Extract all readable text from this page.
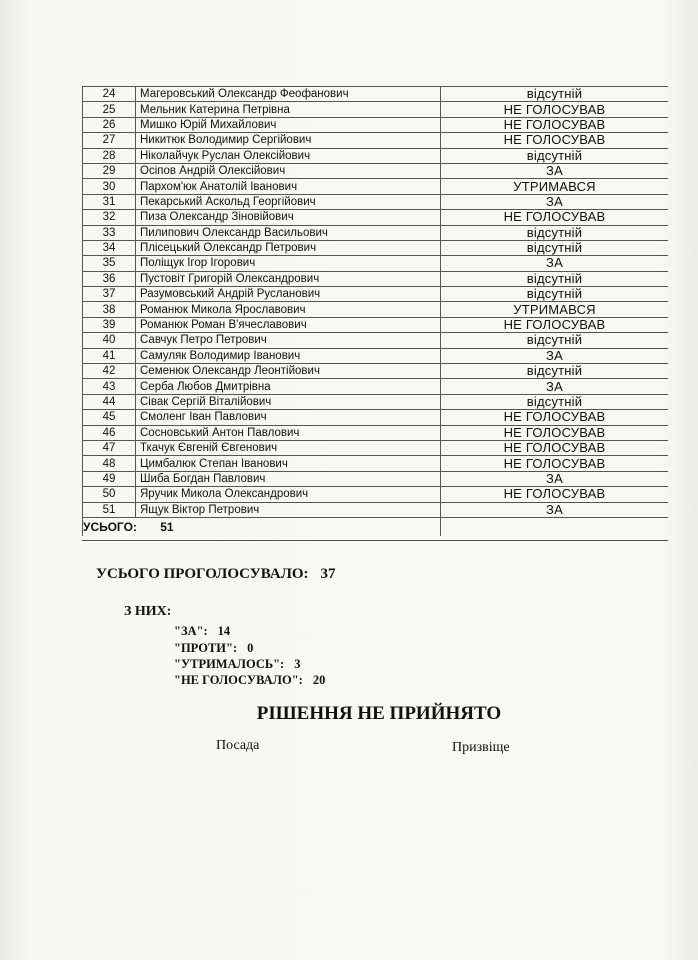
24	Магеровський Олександр Феофанович	відсутній
25	Мельник Катерина Петрівна	НЕ ГОЛОСУВАВ
26	Мишко Юрій Михайлович	НЕ ГОЛОСУВАВ
27	Никитюк Володимир Сергійович	НЕ ГОЛОСУВАВ
28	Ніколайчук Руслан Олексійович	відсутній
29	Осіпов Андрій Олексійович	ЗА
30	Пархом'юк Анатолій Іванович	УТРИМАВСЯ
31	Пекарський Аскольд Георгійович	ЗА
32	Пиза Олександр Зіновійович	НЕ ГОЛОСУВАВ
33	Пилипович Олександр Васильович	відсутній
34	Плісецький Олександр Петрович	відсутній
35	Поліщук Ігор Ігорович	ЗА
36	Пустовіт Григорій Олександрович	відсутній
37	Разумовський Андрій Русланович	відсутній
38	Романюк Микола Ярославович	УТРИМАВСЯ
39	Романюк Роман В'ячеславович	НЕ ГОЛОСУВАВ
40	Савчук Петро Петрович	відсутній
41	Самуляк Володимир Іванович	ЗА
42	Семенюк Олександр Леонтійович	відсутній
43	Серба Любов Дмитрівна	ЗА
44	Сівак Сергій Віталійович	відсутній
45	Смоленг Іван Павлович	НЕ ГОЛОСУВАВ
46	Сосновський Антон Павлович	НЕ ГОЛОСУВАВ
47	Ткачук Євгеній Євгенович	НЕ ГОЛОСУВАВ
48	Цимбалюк Степан Іванович	НЕ ГОЛОСУВАВ
49	Шиба Богдан Павлович	ЗА
50	Яручик Микола Олександрович	НЕ ГОЛОСУВАВ
51	Ящук Віктор Петрович	ЗА
УСЬОГО: 51		
УСЬОГО ПРОГОЛОСУВАЛО: 37
З НИХ:
"ЗА": 14
"ПРОТИ": 0
"УТРИМАЛОСЬ": 3
"НЕ ГОЛОСУВАЛО": 20
РІШЕННЯ НЕ ПРИЙНЯТО
Посада	Призвіще
